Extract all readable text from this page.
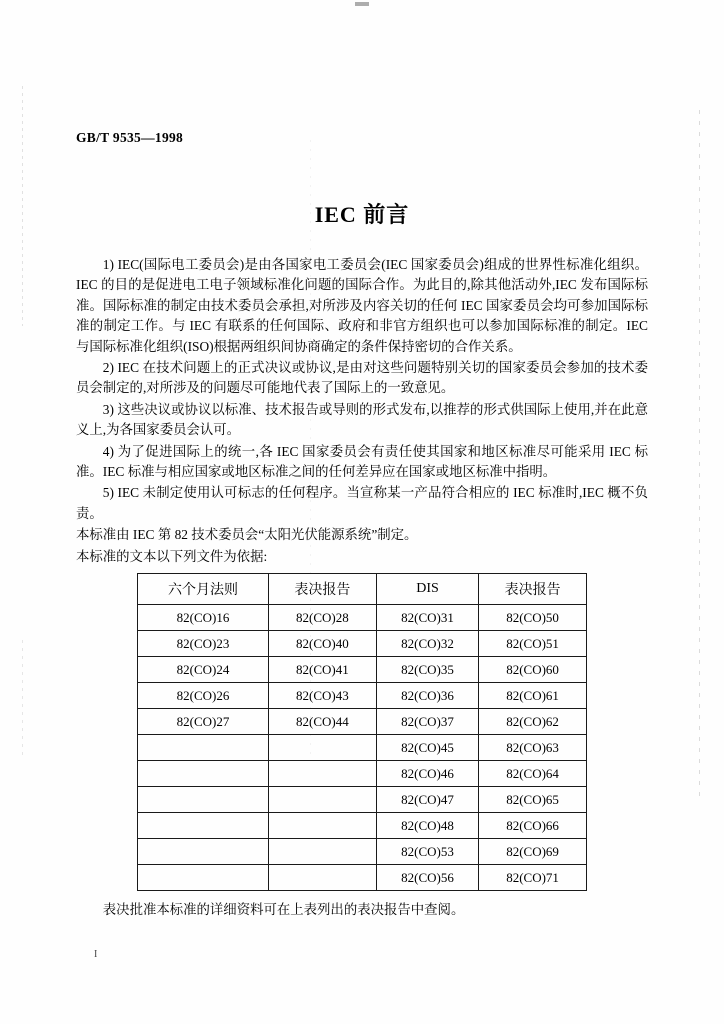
GB/T 9535—1998
IEC 前言

1) IEC(国际电工委员会)是由各国家电工委员会(IEC 国家委员会)组成的世界性标准化组织。IEC 的目的是促进电工电子领域标准化问题的国际合作。为此目的,除其他活动外,IEC 发布国际标准。国际标准的制定由技术委员会承担,对所涉及内容关切的任何 IEC 国家委员会均可参加国际标准的制定工作。与 IEC 有联系的任何国际、政府和非官方组织也可以参加国际标准的制定。IEC 与国际标准化组织(ISO)根据两组织间协商确定的条件保持密切的合作关系。

2) IEC 在技术问题上的正式决议或协议,是由对这些问题特别关切的国家委员会参加的技术委员会制定的,对所涉及的问题尽可能地代表了国际上的一致意见。

3) 这些决议或协议以标准、技术报告或导则的形式发布,以推荐的形式供国际上使用,并在此意义上,为各国家委员会认可。

4) 为了促进国际上的统一,各 IEC 国家委员会有责任使其国家和地区标准尽可能采用 IEC 标准。IEC 标准与相应国家或地区标准之间的任何差异应在国家或地区标准中指明。

5) IEC 未制定使用认可标志的任何程序。当宣称某一产品符合相应的 IEC 标准时,IEC 概不负责。

本标准由 IEC 第 82 技术委员会“太阳光伏能源系统”制定。

本标准的文本以下列文件为依据:

六个月法则	表决报告	DIS	表决报告
82(CO)16	82(CO)28	82(CO)31	82(CO)50
82(CO)23	82(CO)40	82(CO)32	82(CO)51
82(CO)24	82(CO)41	82(CO)35	82(CO)60
82(CO)26	82(CO)43	82(CO)36	82(CO)61
82(CO)27	82(CO)44	82(CO)37	82(CO)62
		82(CO)45	82(CO)63
		82(CO)46	82(CO)64
		82(CO)47	82(CO)65
		82(CO)48	82(CO)66
		82(CO)53	82(CO)69
		82(CO)56	82(CO)71
表决批准本标准的详细资料可在上表列出的表决报告中查阅。
I
